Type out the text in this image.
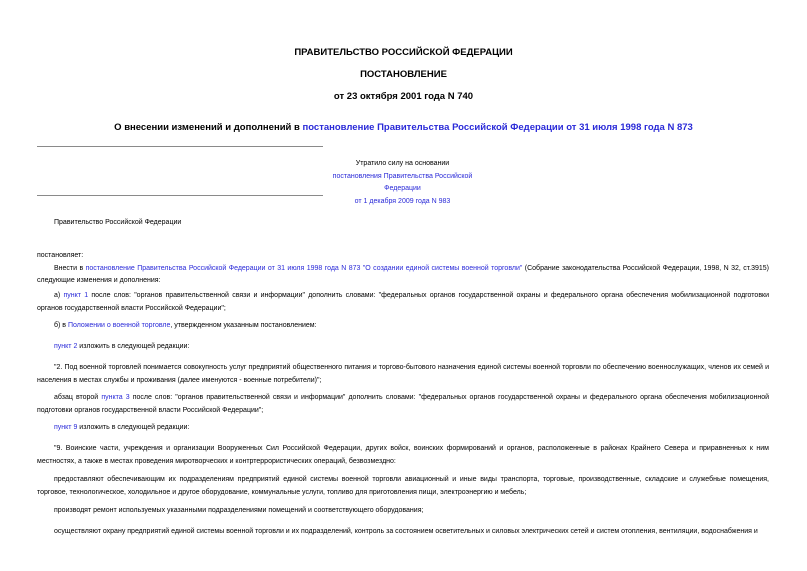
ПРАВИТЕЛЬСТВО РОССИЙСКОЙ ФЕДЕРАЦИИ
ПОСТАНОВЛЕНИЕ
от 23 октября 2001 года N 740
О внесении изменений и дополнений в постановление Правительства Российской Федерации от 31 июля 1998 года N 873
Утратило силу на основании
постановления Правительства Российской Федерации
от 1 декабря 2009 года N 983

Правительство Российской Федерации

постановляет:
Внести в постановление Правительства Российской Федерации от 31 июля 1998 года N 873 "О создании единой системы военной торговли" (Собрание законодательства Российской Федерации, 1998, N 32, ст.3915) следующие изменения и дополнения:

а) пункт 1 после слов: "органов правительственной связи и информации" дополнить словами: "федеральных органов государственной охраны и федерального органа обеспечения мобилизационной подготовки органов государственной власти Российской Федерации";

б) в Положении о военной торговле, утвержденном указанным постановлением:

пункт 2 изложить в следующей редакции:

"2. Под военной торговлей понимается совокупность услуг предприятий общественного питания и торгово-бытового назначения единой системы военной торговли по обеспечению военнослужащих, членов их семей и населения в местах службы и проживания (далее именуются - военные потребители)";

абзац второй пункта 3 после слов: "органов правительственной связи и информации" дополнить словами: "федеральных органов государственной охраны и федерального органа обеспечения мобилизационной подготовки органов государственной власти Российской Федерации";

пункт 9 изложить в следующей редакции:

"9. Воинские части, учреждения и организации Вооруженных Сил Российской Федерации, других войск, воинских формирований и органов, расположенные в районах Крайнего Севера и приравненных к ним местностях, а также в местах проведения миротворческих и контртеррористических операций, безвозмездно:

предоставляют обеспечивающим их подразделениям предприятий единой системы военной торговли авиационный и иные виды транспорта, торговые, производственные, складские и служебные помещения, торговое, технологическое, холодильное и другое оборудование, коммунальные услуги, топливо для приготовления пищи, электроэнергию и мебель;

производят ремонт используемых указанными подразделениями помещений и соответствующего оборудования;

осуществляют охрану предприятий единой системы военной торговли и их подразделений, контроль за состоянием осветительных и силовых электрических сетей и систем отопления, вентиляции, водоснабжения и
